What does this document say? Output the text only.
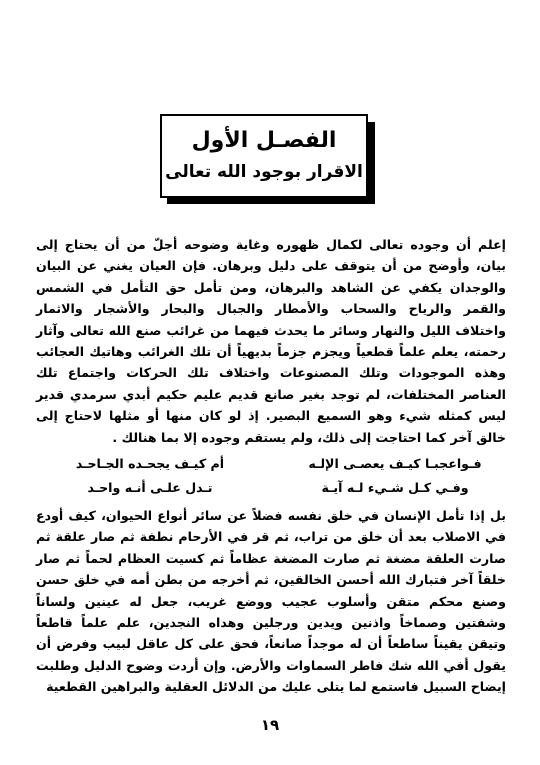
الفصـل الأول
الاقرار بوجود الله تعالى

إعلم أن وجوده تعالى لكمال ظهوره وغاية وضوحه أجلّ من أن يحتاج إلى بيان، وأوضح من أن يتوقف على دليل وبرهان. فإن العيان يغني عن البيان والوجدان يكفي عن الشاهد والبرهان، ومن تأمل حق التأمل في الشمس والقمر والرياح والسحاب والأمطار والجبال والبحار والأشجار والاثمار واختلاف الليل والنهار وسائر ما يحدث فيهما من غرائب صنع الله تعالى وآثار رحمته، يعلم علماً قطعياً ويجزم جزماً بديهياً أن تلك الغرائب وهاتيك العجائب وهذه الموجودات وتلك المصنوعات واختلاف تلك الحركات واجتماع تلك العناصر المختلفات، لم توجد بغير صانع قديم عليم حكيم أبدي سرمدي قدير ليس كمثله شيء وهو السميع البصير. إذ لو كان منها أو مثلها لاحتاج إلى خالق آخر كما احتاجت إلى ذلك، ولم يستقم وجوده إلا بما هنالك .

فـواعجبـا كيـف يعصـى الإلـه
أم كيـف يجحـده الجـاحـد
وفـي كـل شـيء لـه آيـة
تـدل علـى أنـه واحـد

بل إذا تأمل الإنسان في خلق نفسه فضلاً عن سائر أنواع الحيوان، كيف أودع في الاصلاب بعد أن خلق من تراب، ثم قر في الأرحام نطفة ثم صار علقة ثم صارت العلقة مضغة ثم صارت المضغة عظاماً ثم كسيت العظام لحماً ثم صار خلقاً آخر فتبارك الله أحسن الخالقين، ثم أخرجه من بطن أمه في خلق حسن وصنع محكم متقن وأسلوب عجيب ووضع غريب، جعل له عينين ولساناً وشفتين وصماخاً واذنين ويدين ورجلين وهداه النجدين، علم علماً قاطعاً وتيقن يقيناً ساطعاً أن له موجداً صانعاً، فحق على كل عاقل لبيب وفرض أن يقول أفي الله شك فاطر السماوات والأرض. وإن أردت وضوح الدليل وطلبت إيضاح السبيل فاستمع لما يتلى عليك من الدلائل العقلية والبراهين القطعية

١٩
